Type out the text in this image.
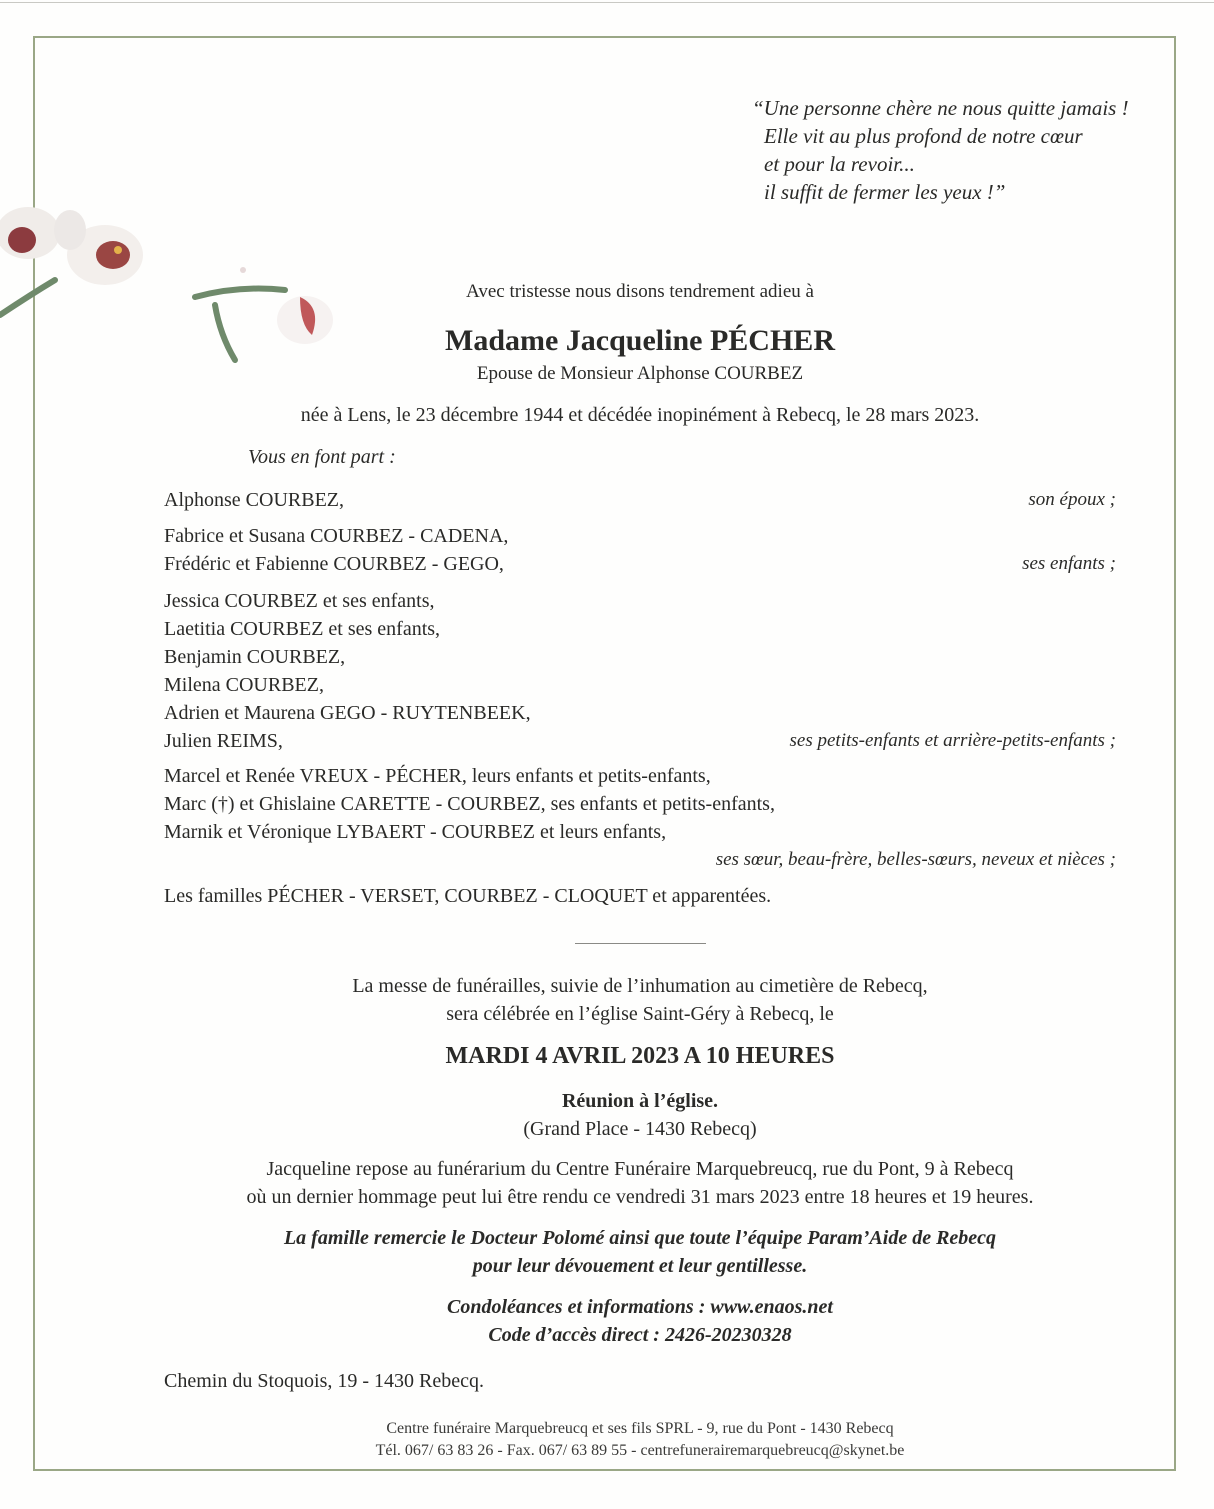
“Une personne chère ne nous quitte jamais !
Elle vit au plus profond de notre cœur
et pour la revoir...
il suffit de fermer les yeux !”
Avec tristesse nous disons tendrement adieu à
Madame Jacqueline PÉCHER
Epouse de Monsieur Alphonse COURBEZ
née à Lens, le 23 décembre 1944 et décédée inopinément à Rebecq, le 28 mars 2023.
Vous en font part :
Alphonse COURBEZ,	son époux ;
Fabrice et Susana COURBEZ - CADENA,
Frédéric et Fabienne COURBEZ - GEGO,	ses enfants ;
Jessica COURBEZ et ses enfants,
Laetitia COURBEZ et ses enfants,
Benjamin COURBEZ,
Milena COURBEZ,
Adrien et Maurena GEGO - RUYTENBEEK,
Julien REIMS,	ses petits-enfants et arrière-petits-enfants ;
Marcel et Renée VREUX - PÉCHER, leurs enfants et petits-enfants,
Marc (†) et Ghislaine CARETTE - COURBEZ, ses enfants et petits-enfants,
Marnik et Véronique LYBAERT - COURBEZ et leurs enfants,
ses sœur, beau-frère, belles-sœurs, neveux et nièces ;
Les familles PÉCHER - VERSET, COURBEZ - CLOQUET et apparentées.
La messe de funérailles, suivie de l’inhumation au cimetière de Rebecq,
sera célébrée en l’église Saint-Géry à Rebecq, le
MARDI 4 AVRIL 2023 A 10 HEURES
Réunion à l’église.
(Grand Place - 1430 Rebecq)
Jacqueline repose au funérarium du Centre Funéraire Marquebreucq, rue du Pont, 9 à Rebecq
où un dernier hommage peut lui être rendu ce vendredi 31 mars 2023 entre 18 heures et 19 heures.
La famille remercie le Docteur Polomé ainsi que toute l’équipe Param’Aide de Rebecq
pour leur dévouement et leur gentillesse.
Condoléances et informations : www.enaos.net
Code d’accès direct : 2426-20230328
Chemin du Stoquois, 19 - 1430 Rebecq.
Centre funéraire Marquebreucq et ses fils SPRL - 9, rue du Pont - 1430 Rebecq
Tél. 067/ 63 83 26 - Fax. 067/ 63 89 55 - centrefunerairemarquebreucq@skynet.be
